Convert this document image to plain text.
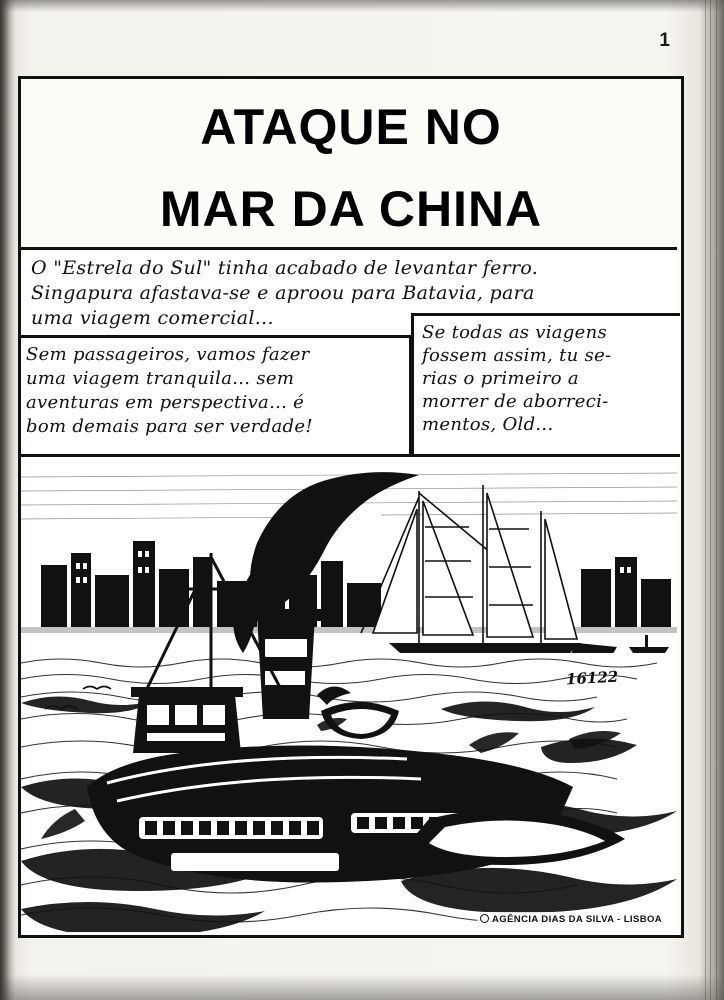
1
ATAQUE NO
MAR DA CHINA
O "Estrela do Sul" tinha acabado de levantar ferro.
Singapura afastava-se e aproou para Batavia, para
uma viagem comercial...
Sem passageiros, vamos fazer
uma viagem tranquila... sem
aventuras em perspectiva... é
bom demais para ser verdade!
Se todas as viagens
fossem assim, tu se-
rias o primeiro a
morrer de aborreci-
mentos, Old...
16122
AGÊNCIA DIAS DA SILVA - LISBOA
